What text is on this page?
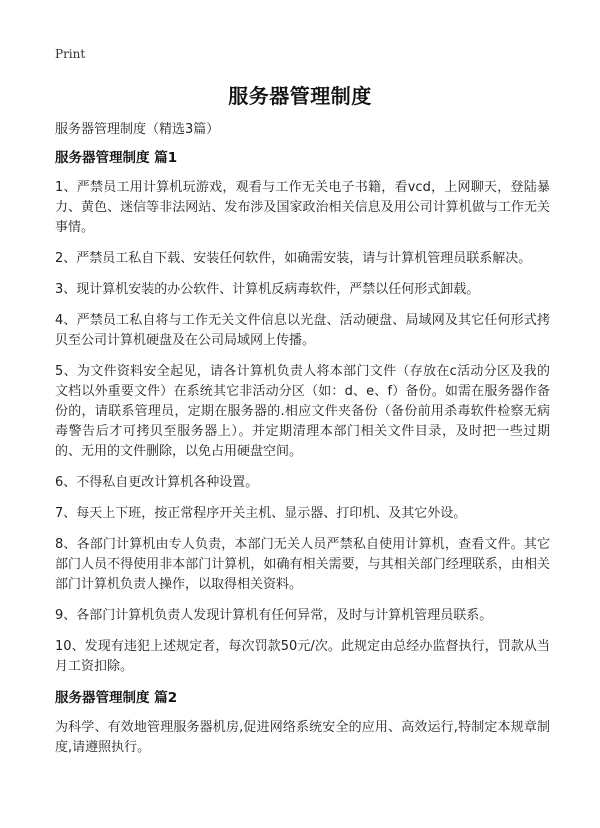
Print
服务器管理制度

服务器管理制度（精选3篇）

服务器管理制度 篇1

1、严禁员工用计算机玩游戏，观看与工作无关电子书籍，看vcd，上网聊天，登陆暴力、黄色、迷信等非法网站、发布涉及国家政治相关信息及用公司计算机做与工作无关事情。

2、严禁员工私自下载、安装任何软件，如确需安装，请与计算机管理员联系解决。

3、现计算机安装的办公软件、计算机反病毒软件，严禁以任何形式卸载。

4、严禁员工私自将与工作无关文件信息以光盘、活动硬盘、局域网及其它任何形式拷贝至公司计算机硬盘及在公司局域网上传播。

5、为文件资料安全起见，请各计算机负责人将本部门文件（存放在c活动分区及我的文档以外重要文件）在系统其它非活动分区（如：d、e、f）备份。如需在服务器作备份的，请联系管理员，定期在服务器的.相应文件夹备份（备份前用杀毒软件检察无病毒警告后才可拷贝至服务器上）。并定期清理本部门相关文件目录，及时把一些过期的、无用的文件删除，以免占用硬盘空间。

6、不得私自更改计算机各种设置。

7、每天上下班，按正常程序开关主机、显示器、打印机、及其它外设。

8、各部门计算机由专人负责，本部门无关人员严禁私自使用计算机，查看文件。其它部门人员不得使用非本部门计算机，如确有相关需要，与其相关部门经理联系，由相关部门计算机负责人操作，以取得相关资料。

9、各部门计算机负责人发现计算机有任何异常，及时与计算机管理员联系。

10、发现有违犯上述规定者，每次罚款50元/次。此规定由总经办监督执行，罚款从当月工资扣除。

服务器管理制度 篇2

为科学、有效地管理服务器机房,促进网络系统安全的应用、高效运行,特制定本规章制度,请遵照执行。
